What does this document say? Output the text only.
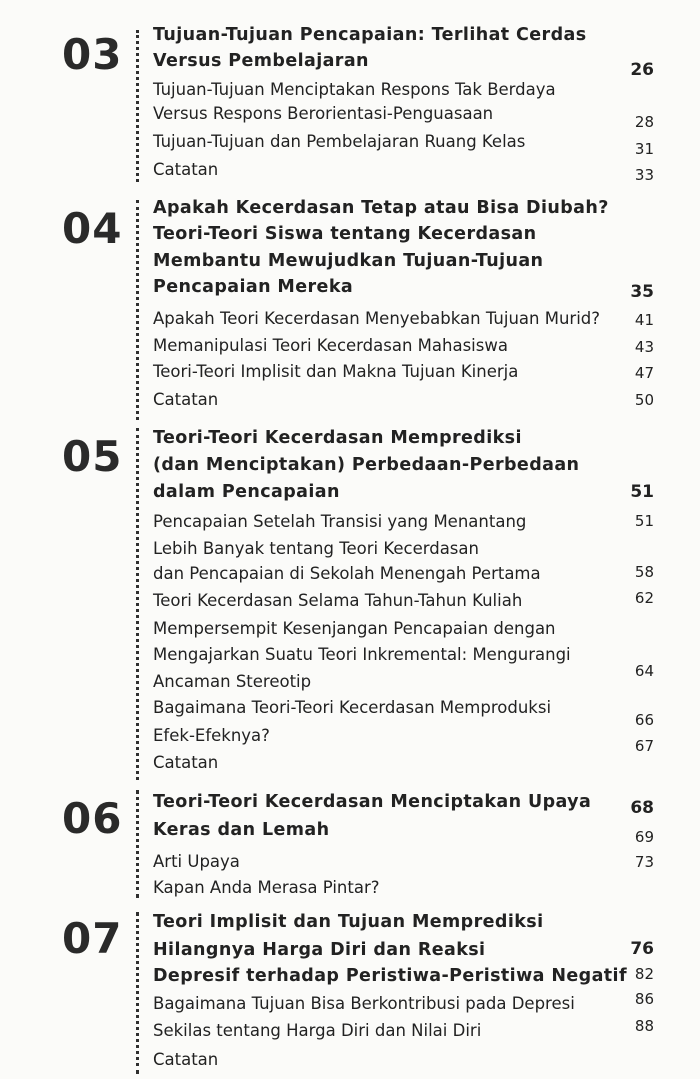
03 Tujuan-Tujuan Pencapaian: Terlihat Cerdas
Versus Pembelajaran
Tujuan-Tujuan Menciptakan Respons Tak Berdaya
Versus Respons Berorientasi-Penguasaan
Tujuan-Tujuan dan Pembelajaran Ruang Kelas
Catatan
26
28
31
33
04 Apakah Kecerdasan Tetap atau Bisa Diubah?
Teori-Teori Siswa tentang Kecerdasan
Membantu Mewujudkan Tujuan-Tujuan
Pencapaian Mereka
Apakah Teori Kecerdasan Menyebabkan Tujuan Murid?
Memanipulasi Teori Kecerdasan Mahasiswa
Teori-Teori Implisit dan Makna Tujuan Kinerja
Catatan
35
41
43
47
50
05 Teori-Teori Kecerdasan Memprediksi
(dan Menciptakan) Perbedaan-Perbedaan
dalam Pencapaian
Pencapaian Setelah Transisi yang Menantang
Lebih Banyak tentang Teori Kecerdasan
dan Pencapaian di Sekolah Menengah Pertama
Teori Kecerdasan Selama Tahun-Tahun Kuliah
Mempersempit Kesenjangan Pencapaian dengan
Mengajarkan Suatu Teori Inkremental: Mengurangi
Ancaman Stereotip
Bagaimana Teori-Teori Kecerdasan Memproduksi
Efek-Efeknya?
Catatan
51
51
58
62
64
66
67
06 Teori-Teori Kecerdasan Menciptakan Upaya
Keras dan Lemah
Arti Upaya
Kapan Anda Merasa Pintar?
68
69
73
07 Teori Implisit dan Tujuan Memprediksi
Hilangnya Harga Diri dan Reaksi
Depresif terhadap Peristiwa-Peristiwa Negatif
Bagaimana Tujuan Bisa Berkontribusi pada Depresi
Sekilas tentang Harga Diri dan Nilai Diri
Catatan
76
82
86
88
